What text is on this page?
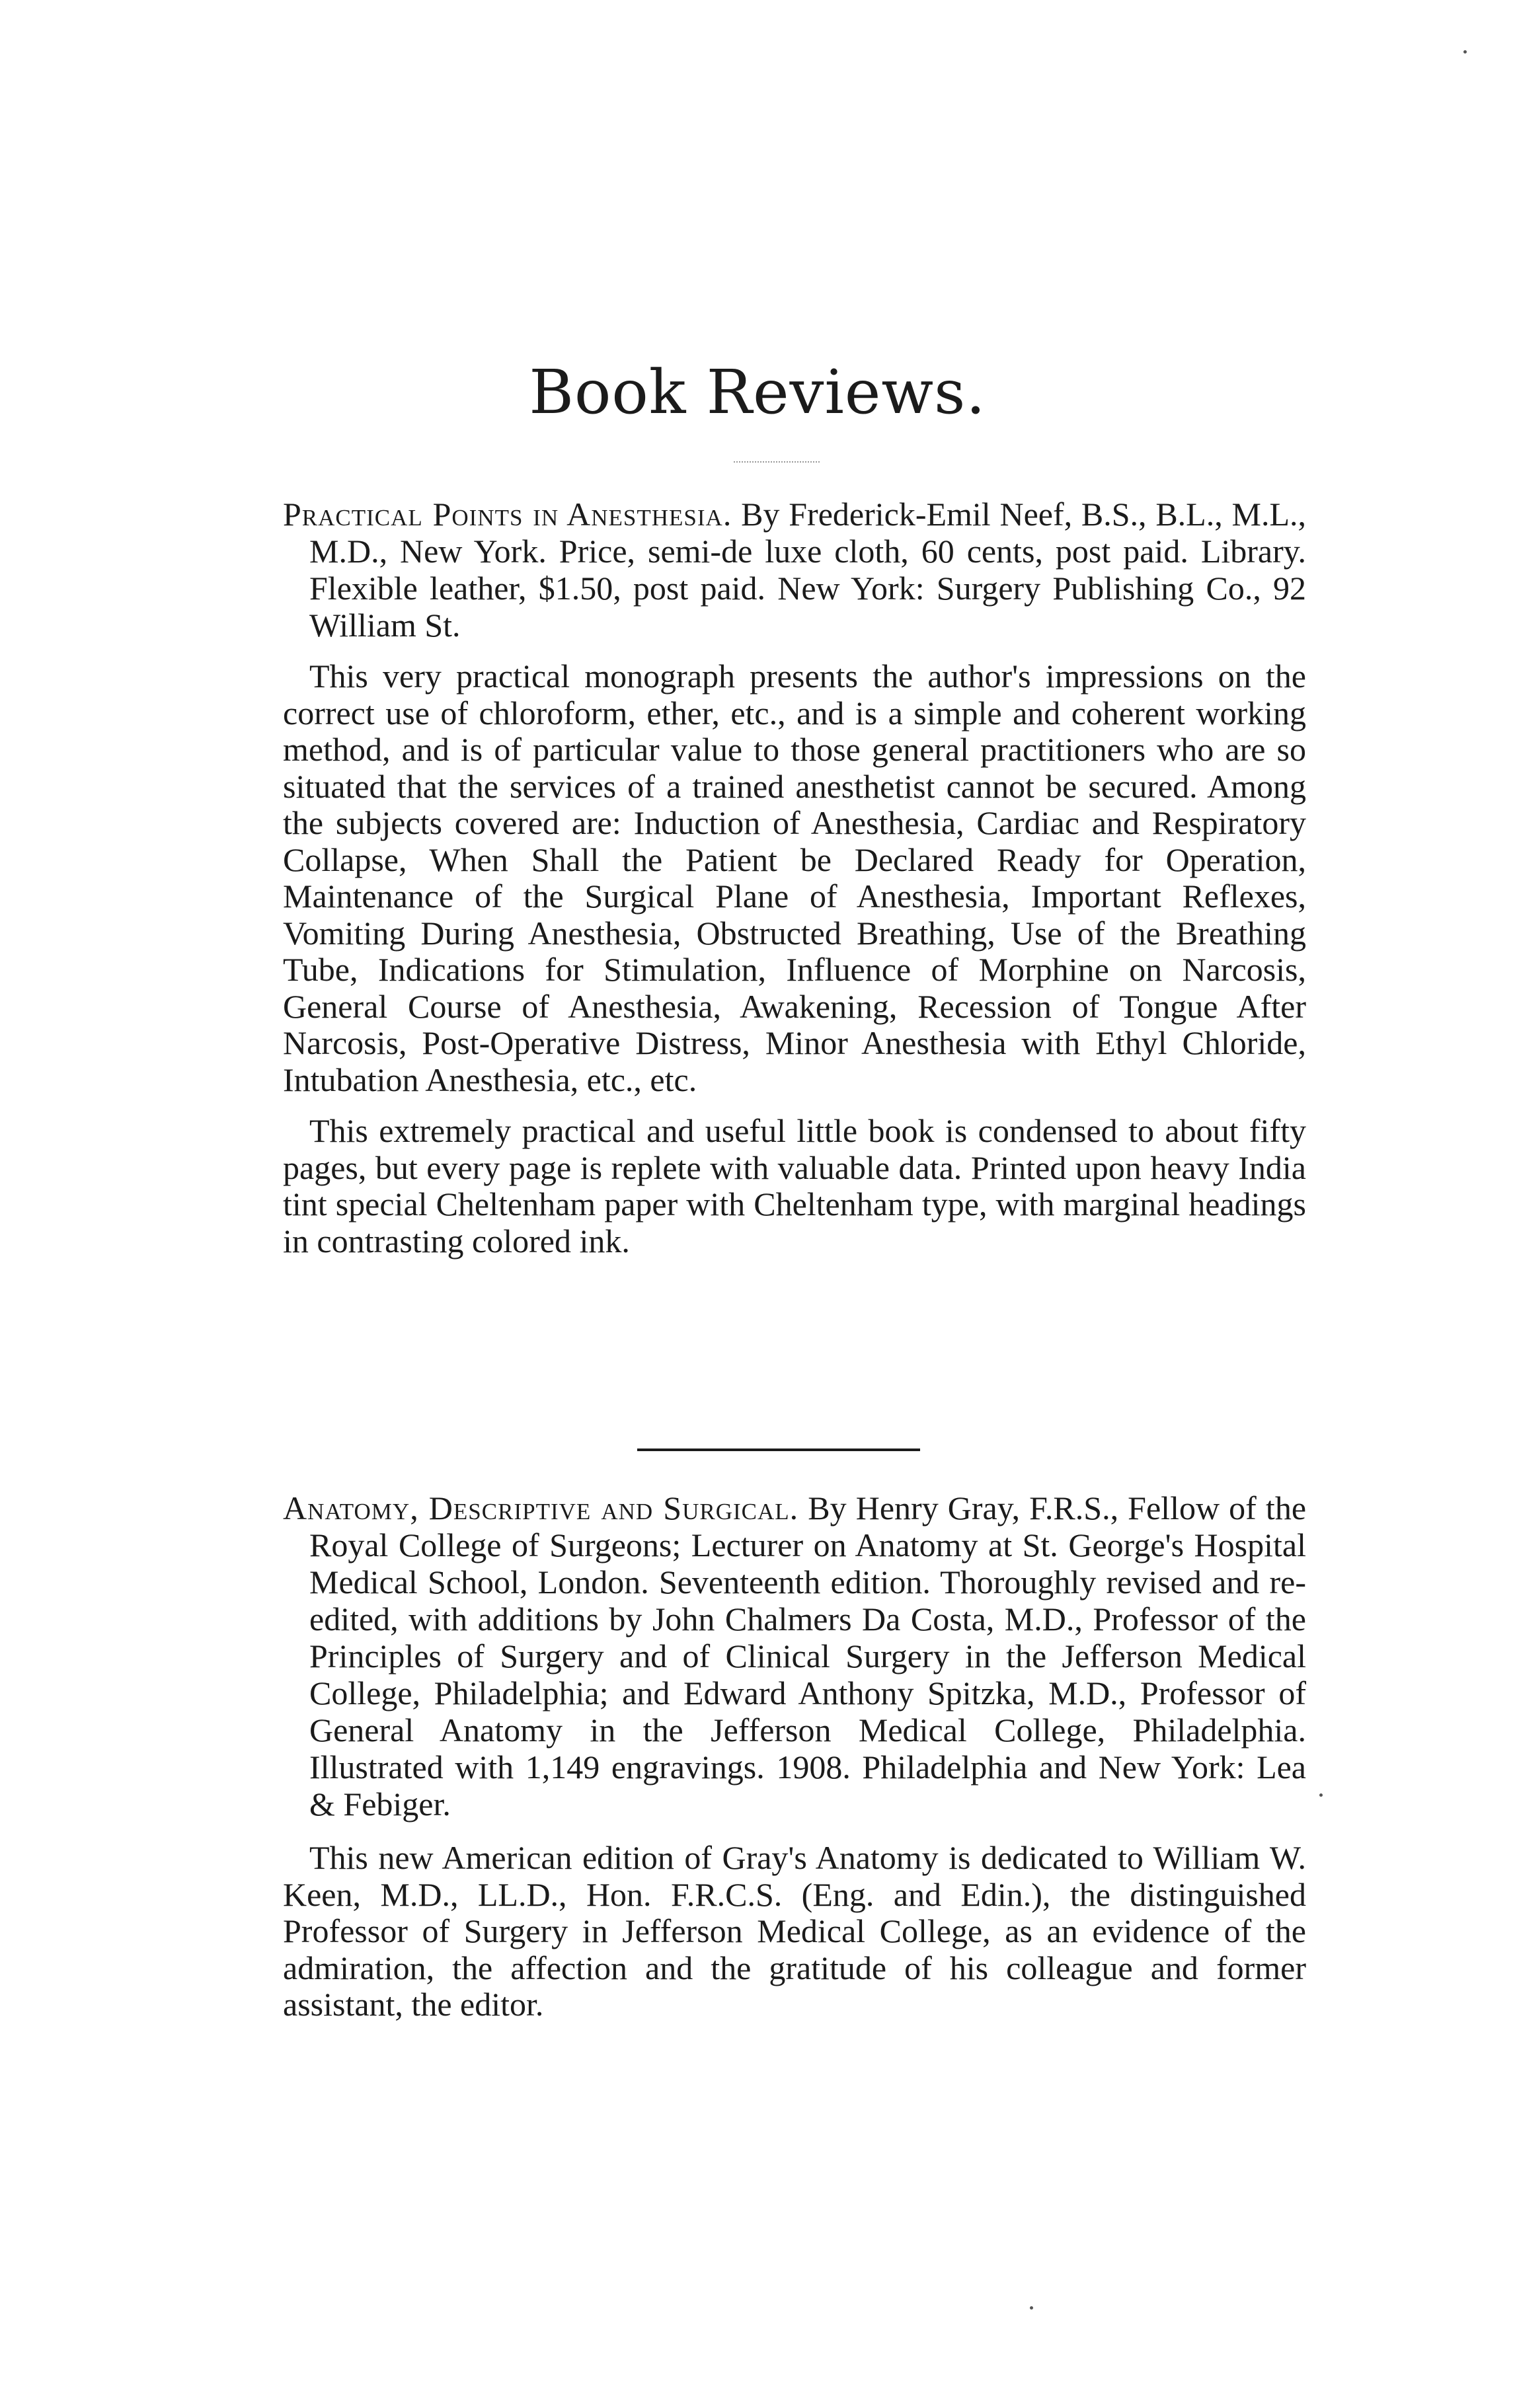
Book Reviews.

Practical Points in Anesthesia. By Frederick-Emil Neef, B.S., B.L., M.L., M.D., New York. Price, semi-de luxe cloth, 60 cents, post paid. Library. Flexible leather, $1.50, post paid. New York: Surgery Publishing Co., 92 William St.

This very practical monograph presents the author's impressions on the correct use of chloroform, ether, etc., and is a simple and coherent working method, and is of particular value to those general practitioners who are so situated that the services of a trained anesthetist cannot be secured. Among the subjects covered are: Induction of Anesthesia, Cardiac and Respiratory Collapse, When Shall the Patient be Declared Ready for Operation, Maintenance of the Surgical Plane of Anesthesia, Important Reflexes, Vomiting During Anesthesia, Obstructed Breathing, Use of the Breathing Tube, Indications for Stimulation, Influence of Morphine on Narcosis, General Course of Anesthesia, Awakening, Recession of Tongue After Narcosis, Post-Operative Distress, Minor Anesthesia with Ethyl Chloride, Intubation Anesthesia, etc., etc.

This extremely practical and useful little book is condensed to about fifty pages, but every page is replete with valuable data. Printed upon heavy India tint special Cheltenham paper with Cheltenham type, with marginal headings in contrasting colored ink.

Anatomy, Descriptive and Surgical. By Henry Gray, F.R.S., Fellow of the Royal College of Surgeons; Lecturer on Anatomy at St. George's Hospital Medical School, London. Seventeenth edition. Thoroughly revised and re-edited, with additions by John Chalmers Da Costa, M.D., Professor of the Principles of Surgery and of Clinical Surgery in the Jefferson Medical College, Philadelphia; and Edward Anthony Spitzka, M.D., Professor of General Anatomy in the Jefferson Medical College, Philadelphia. Illustrated with 1,149 engravings. 1908. Philadelphia and New York: Lea & Febiger.

This new American edition of Gray's Anatomy is dedicated to William W. Keen, M.D., LL.D., Hon. F.R.C.S. (Eng. and Edin.), the distinguished Professor of Surgery in Jefferson Medical College, as an evidence of the admiration, the affection and the gratitude of his colleague and former assistant, the editor.
